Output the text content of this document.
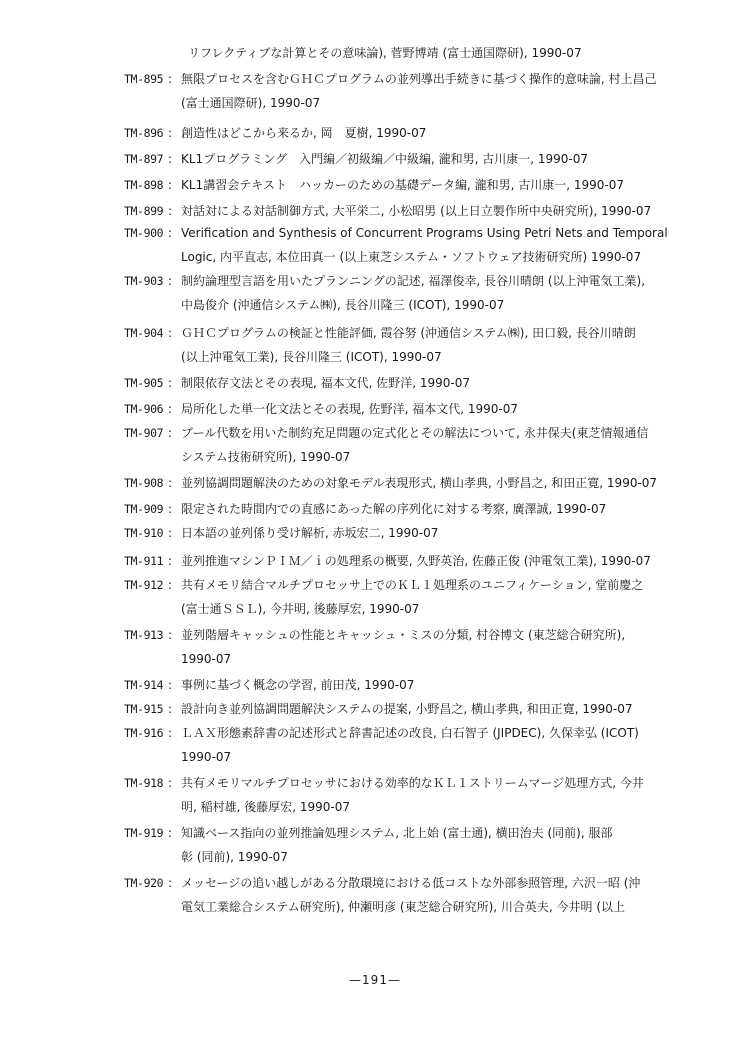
リフレクティブな計算とその意味論), 菅野博靖 (富士通国際研), 1990-07
TM-895 : 無限プロセスを含むＧＨＣプログラムの並列導出手続きに基づく操作的意味論, 村上昌己
(富士通国際研), 1990-07
TM-896 : 創造性はどこから来るか, 岡　夏樹, 1990-07
TM-897 : KL1プログラミング　入門編／初級編／中級編, 瀧和男, 古川康一, 1990-07
TM-898 : KL1講習会テキスト　ハッカーのための基礎データ編, 瀧和男, 古川康一, 1990-07
TM-899 : 対話対による対話制御方式, 大平栄二, 小松昭男 (以上日立製作所中央研究所), 1990-07
TM-900 : Verification and Synthesis of Concurrent Programs Using Petri Nets and Temporal
Logic, 内平直志, 本位田真一 (以上東芝システム・ソフトウェア技術研究所) 1990-07
TM-903 : 制約論理型言語を用いたプランニングの記述, 福澤俊幸, 長谷川晴朗 (以上沖電気工業),
中島俊介 (沖通信システム㈱), 長谷川隆三 (ICOT), 1990-07
TM-904 : ＧＨＣプログラムの検証と性能評価, 霞谷努 (沖通信システム㈱), 田口毅, 長谷川晴朗
(以上沖電気工業), 長谷川隆三 (ICOT), 1990-07
TM-905 : 制限依存文法とその表現, 福本文代, 佐野洋, 1990-07
TM-906 : 局所化した単一化文法とその表現, 佐野洋, 福本文代, 1990-07
TM-907 : ブール代数を用いた制約充足問題の定式化とその解法について, 永井保夫(東芝情報通信
システム技術研究所), 1990-07
TM-908 : 並列協調問題解決のための対象モデル表現形式, 横山孝典, 小野昌之, 和田正寛, 1990-07
TM-909 : 限定された時間内での直感にあった解の序列化に対する考察, 廣澤誠, 1990-07
TM-910 : 日本語の並列係り受け解析, 赤坂宏二, 1990-07
TM-911 : 並列推進マシンＰＩＭ／ｉの処理系の概要, 久野英治, 佐藤正俊 (沖電気工業), 1990-07
TM-912 : 共有メモリ結合マルチプロセッサ上でのＫＬ１処理系のユニフィケーション, 堂前慶之
(富士通ＳＳＬ), 今井明, 後藤厚宏, 1990-07
TM-913 : 並列階層キャッシュの性能とキャッシュ・ミスの分類, 村谷博文 (東芝総合研究所),
1990-07
TM-914 : 事例に基づく概念の学習, 前田茂, 1990-07
TM-915 : 設計向き並列協調問題解決システムの提案, 小野昌之, 横山孝典, 和田正寛, 1990-07
TM-916 : ＬＡＸ形態素辞書の記述形式と辞書記述の改良, 白石智子 (JIPDEC), 久保幸弘 (ICOT)
1990-07
TM-918 : 共有メモリマルチプロセッサにおける効率的なＫＬ１ストリームマージ処理方式, 今井
明, 稲村雄, 後藤厚宏, 1990-07
TM-919 : 知識ベース指向の並列推論処理システム, 北上始 (富士通), 横田治夫 (同前), 服部
彰 (同前), 1990-07
TM-920 : メッセージの追い越しがある分散環境における低コストな外部参照管理, 六沢一昭 (沖
電気工業総合システム研究所), 仲瀬明彦 (東芝総合研究所), 川合英夫, 今井明 (以上
—191—
